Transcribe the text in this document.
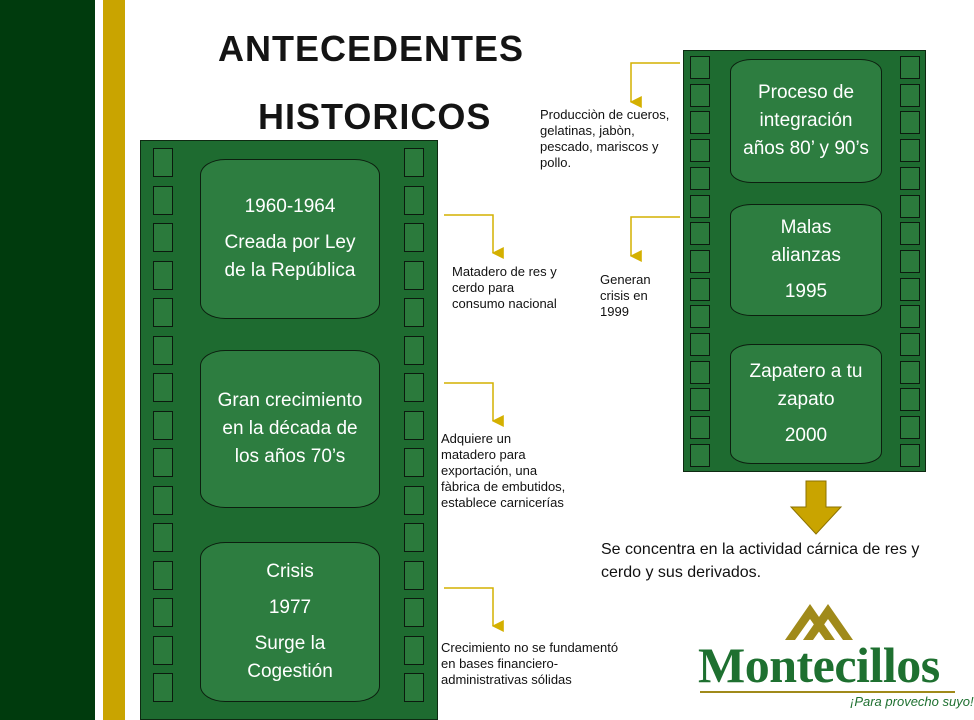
ANTECEDENTES
HISTORICOS

1960-1964

Creada por Ley de la República

Gran crecimiento en la década de los años 70’s

Crisis

1977

Surge la Cogestión

Proceso de integración años 80’ y 90’s

Malas alianzas

1995

Zapatero a tu zapato

2000

Matadero de res y cerdo para consumo nacional
Adquiere un matadero para exportación, una fàbrica de embutidos, establece carnicerías
Crecimiento no se fundamentó en bases financiero-administrativas sólidas
Producciòn de cueros, gelatinas, jabòn, pescado, mariscos y pollo.
Generan crisis en 1999
Se concentra en la actividad cárnica de res y cerdo y sus derivados.
Montecillos
¡Para provecho suyo!
